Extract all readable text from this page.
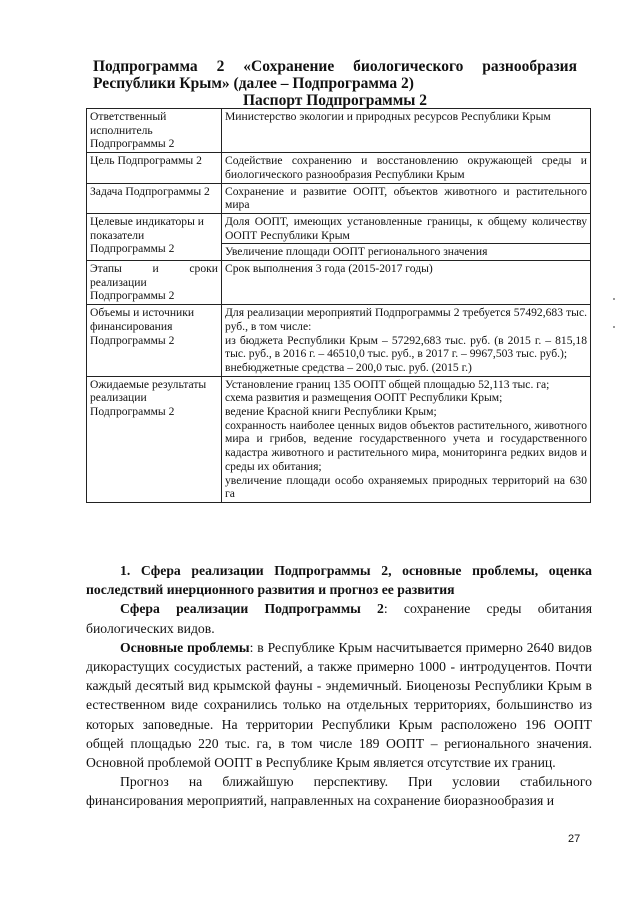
Подпрограмма 2 «Сохранение биологического разнообразия
Республики Крым» (далее – Подпрограмма 2)
Паспорт Подпрограммы 2
Ответственный исполнитель Подпрограммы 2	Министерство экологии и природных ресурсов Республики Крым
Цель Подпрограммы 2	Содействие сохранению и восстановлению окружающей среды и биологического разнообразия Республики Крым
Задача Подпрограммы 2	Сохранение и развитие ООПТ, объектов животного и растительного мира
Целевые индикаторы и показатели Подпрограммы 2	Доля ООПТ, имеющих установленные границы, к общему количеству ООПТ Республики Крым
Увеличение площади ООПТ регионального значения

Этапы и сроки реализации Подпрограммы 2	Срок выполнения 3 года (2015-2017 годы)
Объемы и источники финансирования Подпрограммы 2	Для реализации мероприятий Подпрограммы 2 требуется 57492,683 тыс. руб., в том числе:
из бюджета Республики Крым – 57292,683 тыс. руб. (в 2015 г. – 815,18 тыс. руб., в 2016 г. – 46510,0 тыс. руб., в 2017 г. – 9967,503 тыс. руб.);
внебюджетные средства – 200,0 тыс. руб. (2015 г.)

Ожидаемые результаты реализации Подпрограммы 2	Установление границ 135 ООПТ общей площадью 52,113 тыс. га;
схема развития и размещения ООПТ Республики Крым;
ведение Красной книги Республики Крым;
сохранность наиболее ценных видов объектов растительного, животного мира и грибов, ведение государственного учета и государственного кадастра животного и растительного мира, мониторинга редких видов и среды их обитания;
увеличение площади особо охраняемых природных территорий на 630 га

1. Сфера реализации Подпрограммы 2, основные проблемы, оценка последствий инерционного развития и прогноз ее развития

Сфера реализации Подпрограммы 2: сохранение среды обитания биологических видов.

Основные проблемы: в Республике Крым насчитывается примерно 2640 видов дикорастущих сосудистых растений, а также примерно 1000 - интродуцентов. Почти каждый десятый вид крымской фауны - эндемичный. Биоценозы Республики Крым в естественном виде сохранились только на отдельных территориях, большинство из которых заповедные. На территории Республики Крым расположено 196 ООПТ общей площадью 220 тыс. га, в том числе 189 ООПТ – регионального значения. Основной проблемой ООПТ в Республике Крым является отсутствие их границ.

Прогноз на ближайшую перспективу. При условии стабильного финансирования мероприятий, направленных на сохранение биоразнообразия и

27
